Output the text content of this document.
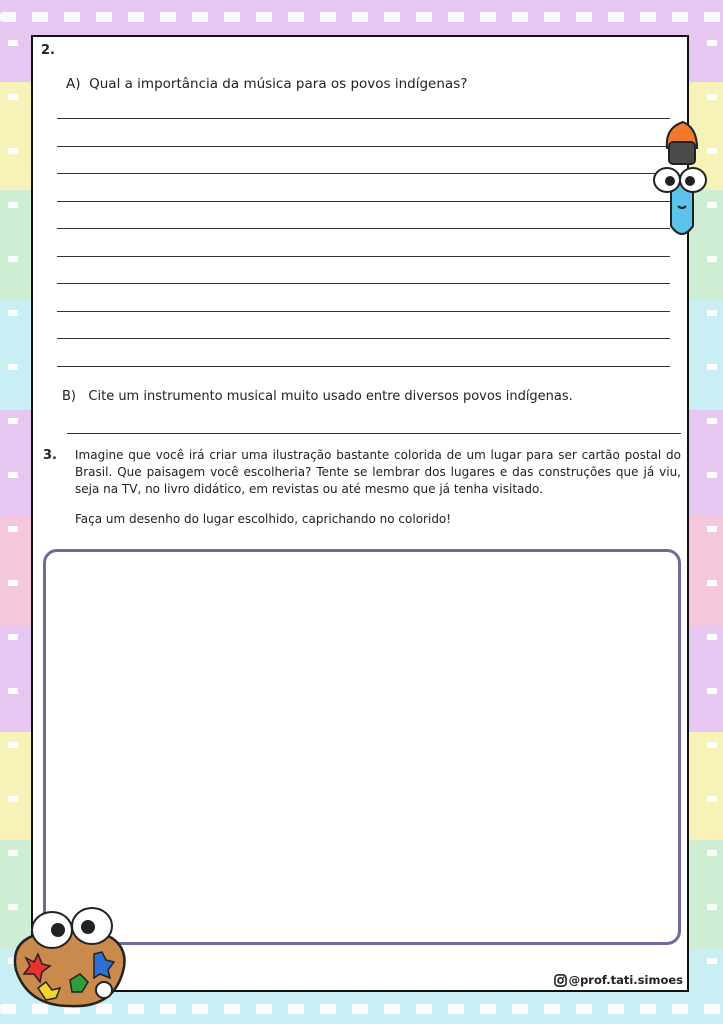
2.
A) Qual a importância da música para os povos indígenas?
B) Cite um instrumento musical muito usado entre diversos povos indígenas.
3. Imagine que você irá criar uma ilustração bastante colorida de um lugar para ser cartão postal do Brasil. Que paisagem você escolheria? Tente se lembrar dos lugares e das construções que já viu, seja na TV, no livro didático, em revistas ou até mesmo que já tenha visitado.
Faça um desenho do lugar escolhido, caprichando no colorido!
@prof.tati.simoes
